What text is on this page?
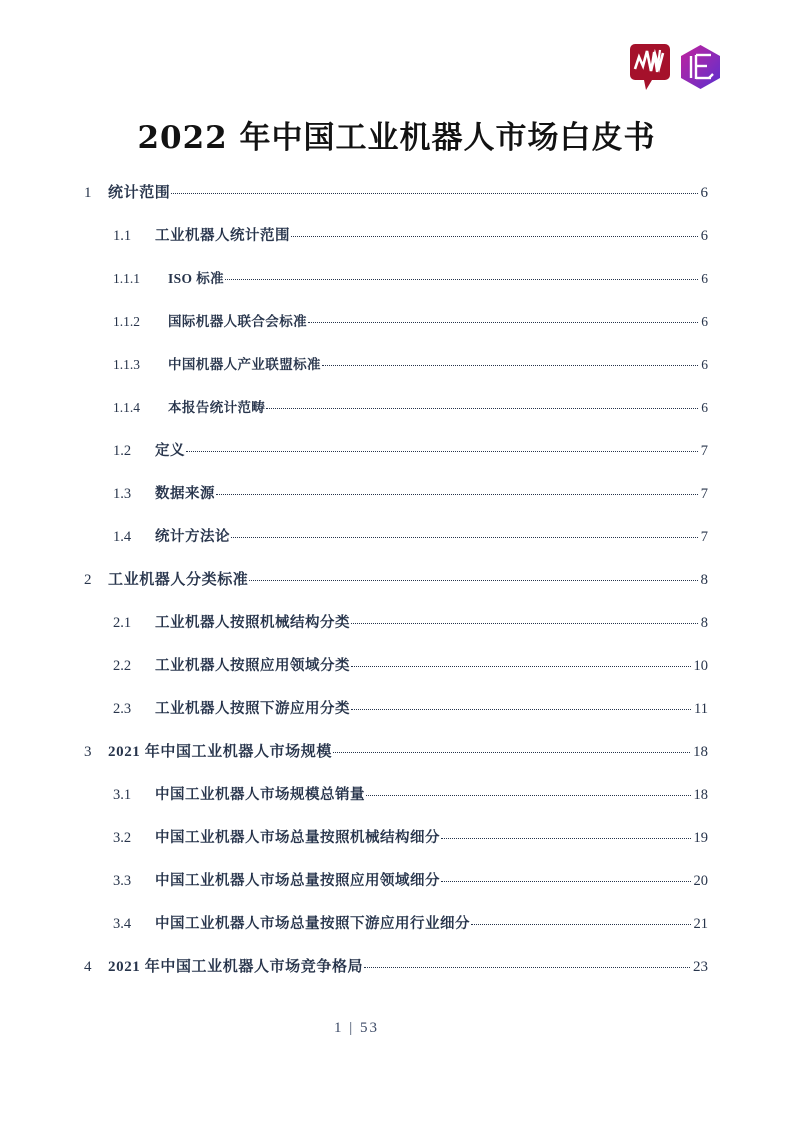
2022 年中国工业机器人市场白皮书
1	统计范围	6
1.1	工业机器人统计范围	6
1.1.1	ISO 标准	6
1.1.2	国际机器人联合会标准	6
1.1.3	中国机器人产业联盟标准	6
1.1.4	本报告统计范畴	6
1.2	定义	7
1.3	数据来源	7
1.4	统计方法论	7
2	工业机器人分类标准	8
2.1	工业机器人按照机械结构分类	8
2.2	工业机器人按照应用领域分类	10
2.3	工业机器人按照下游应用分类	11
3	2021 年中国工业机器人市场规模	18
3.1	中国工业机器人市场规模总销量	18
3.2	中国工业机器人市场总量按照机械结构细分	19
3.3	中国工业机器人市场总量按照应用领域细分	20
3.4	中国工业机器人市场总量按照下游应用行业细分	21
4	2021 年中国工业机器人市场竞争格局	23
1 | 53
